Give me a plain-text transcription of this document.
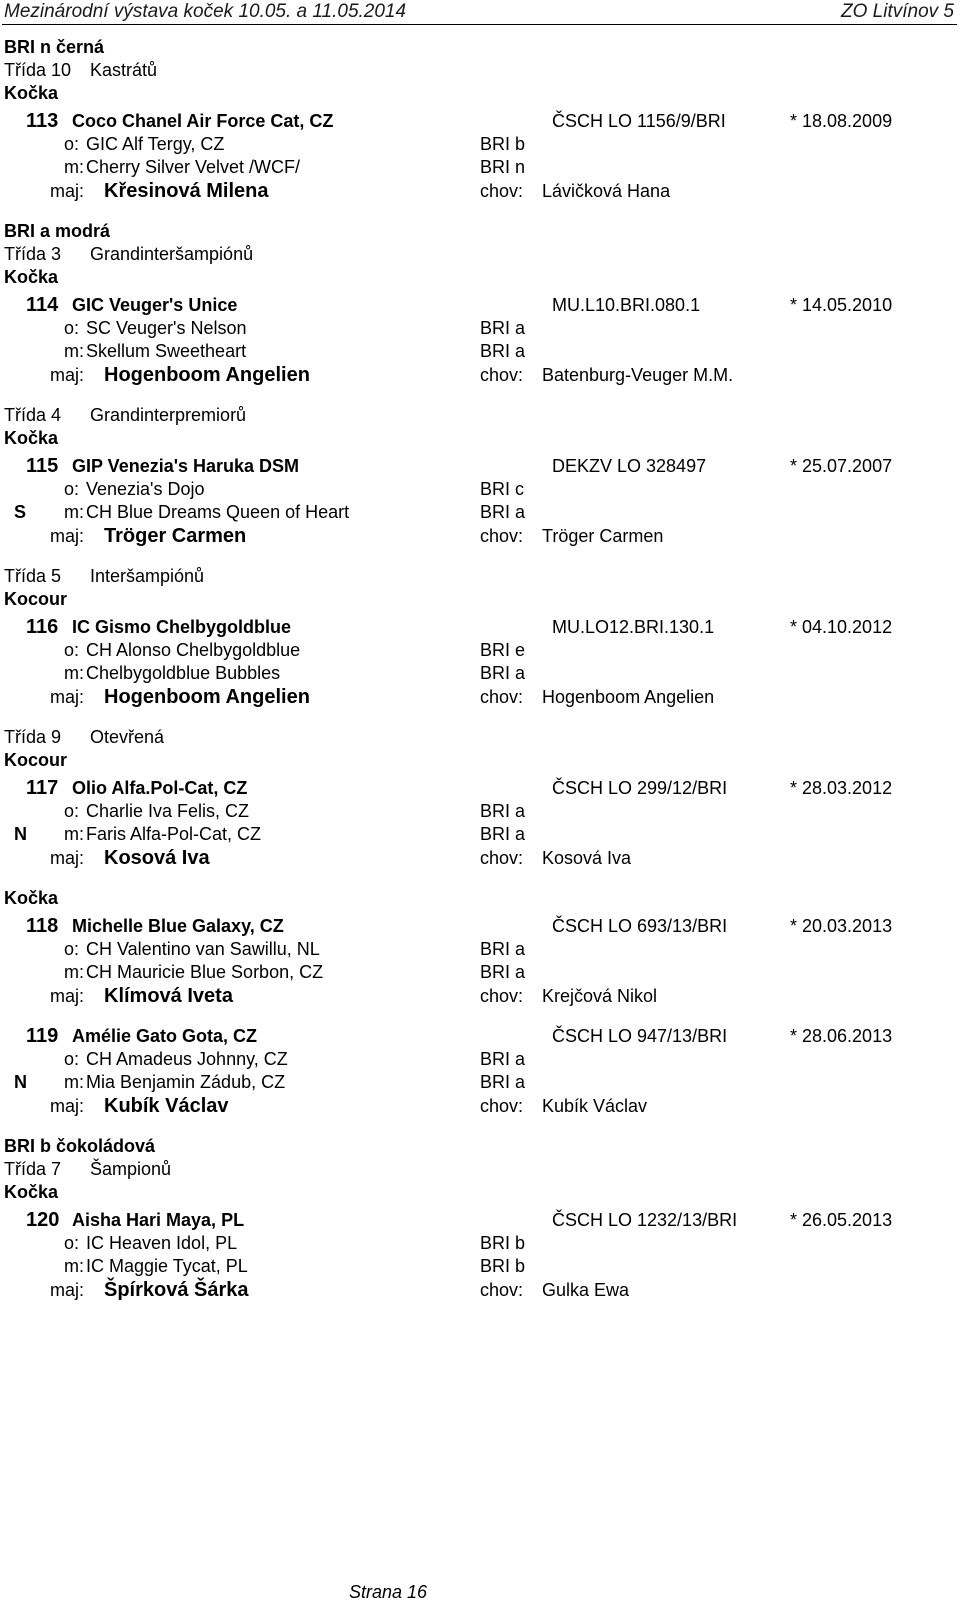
Mezinárodní výstava koček 10.05. a 11.05.2014	ZO Litvínov 5
BRI n černá
Třída 10 Kastrátů
Kočka
113 Coco Chanel Air Force Cat, CZ	ČSCH LO 1156/9/BRI	* 18.08.2009
o: GIC Alf Tergy, CZ	BRI b
m: Cherry Silver Velvet /WCF/	BRI n
maj: Křesinová Milena	chov: Lávičková Hana
BRI a modrá
Třída 3 Grandinteršampiónů
Kočka
114 GIC Veuger's Unice	MU.L10.BRI.080.1	* 14.05.2010
o: SC Veuger's Nelson	BRI a
m: Skellum Sweetheart	BRI a
maj: Hogenboom Angelien	chov: Batenburg-Veuger M.M.
Třída 4 Grandinterpremiorů
Kočka
115 GIP Venezia's Haruka DSM	DEKZV LO 328497	* 25.07.2007
o: Venezia's Dojo	BRI c
S m: CH Blue Dreams Queen of Heart	BRI a
maj: Tröger Carmen	chov: Tröger Carmen
Třída 5 Interšampiónů
Kocour
116 IC Gismo Chelbygoldblue	MU.LO12.BRI.130.1	* 04.10.2012
o: CH Alonso Chelbygoldblue	BRI e
m: Chelbygoldblue Bubbles	BRI a
maj: Hogenboom Angelien	chov: Hogenboom Angelien
Třída 9 Otevřená
Kocour
117 Olio Alfa.Pol-Cat, CZ	ČSCH LO 299/12/BRI	* 28.03.2012
o: Charlie Iva Felis, CZ	BRI a
N m: Faris Alfa-Pol-Cat, CZ	BRI a
maj: Kosová Iva	chov: Kosová Iva
Kočka
118 Michelle Blue Galaxy, CZ	ČSCH LO 693/13/BRI	* 20.03.2013
o: CH Valentino van Sawillu, NL	BRI a
m: CH Mauricie Blue Sorbon, CZ	BRI a
maj: Klímová Iveta	chov: Krejčová Nikol
119 Amélie Gato Gota, CZ	ČSCH LO 947/13/BRI	* 28.06.2013
o: CH Amadeus Johnny, CZ	BRI a
N m: Mia Benjamin Zádub, CZ	BRI a
maj: Kubík Václav	chov: Kubík Václav
BRI b čokoládová
Třída 7 Šampionů
Kočka
120 Aisha Hari Maya, PL	ČSCH LO 1232/13/BRI	* 26.05.2013
o: IC Heaven Idol, PL	BRI b
m: IC Maggie Tycat, PL	BRI b
maj: Špírková Šárka	chov: Gulka Ewa
Strana 16
